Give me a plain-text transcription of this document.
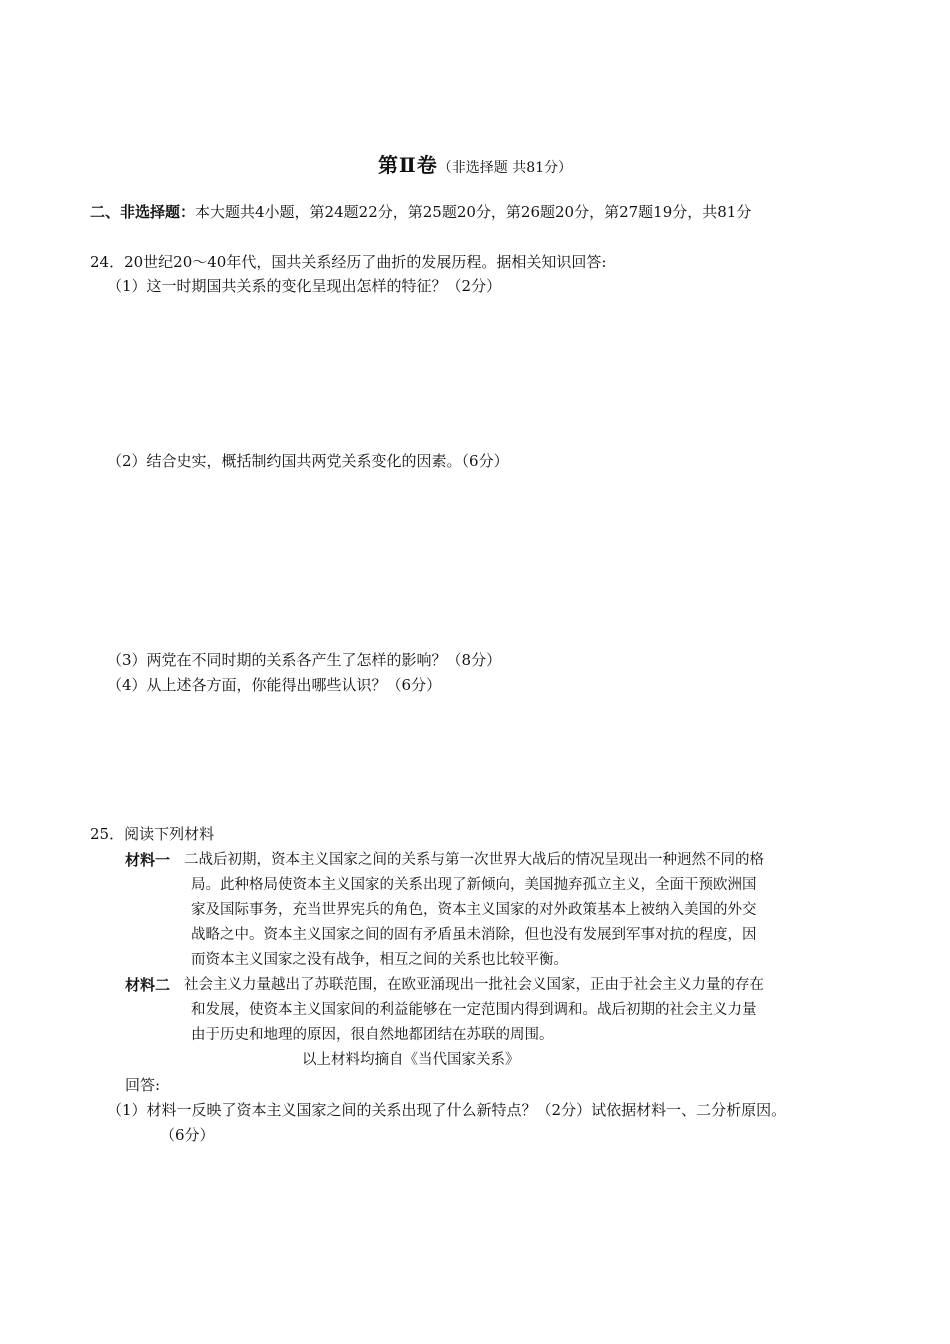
第Ⅱ卷（非选择题 共81分）
二、非选择题：本大题共4小题，第24题22分，第25题20分，第26题20分，第27题19分，共81分
24．20世纪20～40年代，国共关系经历了曲折的发展历程。据相关知识回答:
（1）这一时期国共关系的变化呈现出怎样的特征？（2分）
（2）结合史实，概括制约国共两党关系变化的因素。（6分）
（3）两党在不同时期的关系各产生了怎样的影响？（8分）
（4）从上述各方面，你能得出哪些认识？（6分）
25．阅读下列材料
材料一 二战后初期，资本主义国家之间的关系与第一次世界大战后的情况呈现出一种迥然不同的格
局。此种格局使资本主义国家的关系出现了新倾向，美国抛弃孤立主义，全面干预欧洲国
家及国际事务，充当世界宪兵的角色，资本主义国家的对外政策基本上被纳入美国的外交
战略之中。资本主义国家之间的固有矛盾虽未消除，但也没有发展到军事对抗的程度，因
而资本主义国家之没有战争，相互之间的关系也比较平衡。
材料二 社会主义力量越出了苏联范围，在欧亚涌现出一批社会义国家，正由于社会主义力量的存在
和发展，使资本主义国家间的利益能够在一定范围内得到调和。战后初期的社会主义力量
由于历史和地理的原因，很自然地都团结在苏联的周围。
以上材料均摘自《当代国家关系》
回答:
（1）材料一反映了资本主义国家之间的关系出现了什么新特点？（2分）试依据材料一、二分析原因。
（6分）
